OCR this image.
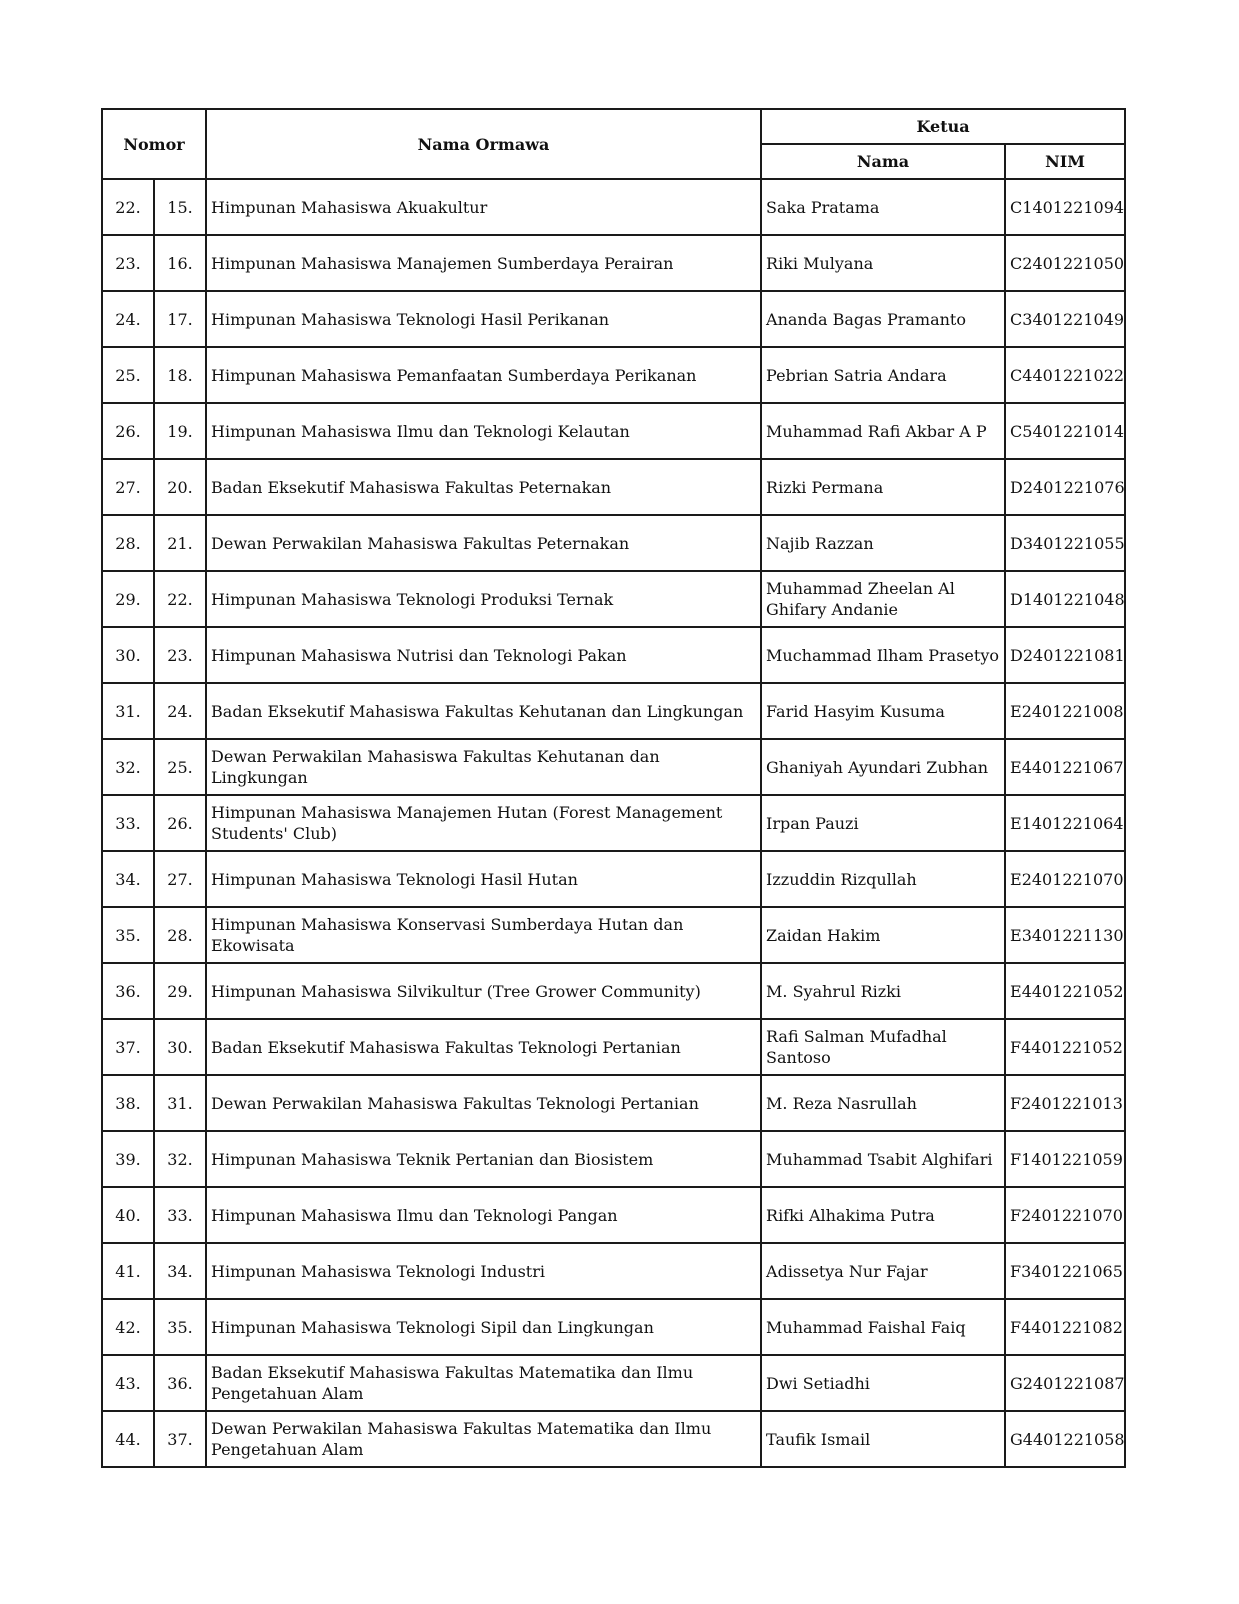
Nomor		Nama Ormawa	Ketua	
			Nama	NIM
22.	15.	Himpunan Mahasiswa Akuakultur	Saka Pratama	C1401221094
23.	16.	Himpunan Mahasiswa Manajemen Sumberdaya Perairan	Riki Mulyana	C2401221050
24.	17.	Himpunan Mahasiswa Teknologi Hasil Perikanan	Ananda Bagas Pramanto	C3401221049
25.	18.	Himpunan Mahasiswa Pemanfaatan Sumberdaya Perikanan	Pebrian Satria Andara	C4401221022
26.	19.	Himpunan Mahasiswa Ilmu dan Teknologi Kelautan	Muhammad Rafi Akbar A P	C5401221014
27.	20.	Badan Eksekutif Mahasiswa Fakultas Peternakan	Rizki Permana	D2401221076
28.	21.	Dewan Perwakilan Mahasiswa Fakultas Peternakan	Najib Razzan	D3401221055
29.	22.	Himpunan Mahasiswa Teknologi Produksi Ternak	Muhammad Zheelan Al Ghifary Andanie	D1401221048
30.	23.	Himpunan Mahasiswa Nutrisi dan Teknologi Pakan	Muchammad Ilham Prasetyo	D2401221081
31.	24.	Badan Eksekutif Mahasiswa Fakultas Kehutanan dan Lingkungan	Farid Hasyim Kusuma	E2401221008
32.	25.	Dewan Perwakilan Mahasiswa Fakultas Kehutanan dan Lingkungan	Ghaniyah Ayundari Zubhan	E4401221067
33.	26.	Himpunan Mahasiswa Manajemen Hutan (Forest Management Students' Club)	Irpan Pauzi	E1401221064
34.	27.	Himpunan Mahasiswa Teknologi Hasil Hutan	Izzuddin Rizqullah	E2401221070
35.	28.	Himpunan Mahasiswa Konservasi Sumberdaya Hutan dan Ekowisata	Zaidan Hakim	E3401221130
36.	29.	Himpunan Mahasiswa Silvikultur (Tree Grower Community)	M. Syahrul Rizki	E4401221052
37.	30.	Badan Eksekutif Mahasiswa Fakultas Teknologi Pertanian	Rafi Salman Mufadhal Santoso	F4401221052
38.	31.	Dewan Perwakilan Mahasiswa Fakultas Teknologi Pertanian	M. Reza Nasrullah	F2401221013
39.	32.	Himpunan Mahasiswa Teknik Pertanian dan Biosistem	Muhammad Tsabit Alghifari	F1401221059
40.	33.	Himpunan Mahasiswa Ilmu dan Teknologi Pangan	Rifki Alhakima Putra	F2401221070
41.	34.	Himpunan Mahasiswa Teknologi Industri	Adissetya Nur Fajar	F3401221065
42.	35.	Himpunan Mahasiswa Teknologi Sipil dan Lingkungan	Muhammad Faishal Faiq	F4401221082
43.	36.	Badan Eksekutif Mahasiswa Fakultas Matematika dan Ilmu Pengetahuan Alam	Dwi Setiadhi	G2401221087
44.	37.	Dewan Perwakilan Mahasiswa Fakultas Matematika dan Ilmu Pengetahuan Alam	Taufik Ismail	G4401221058
